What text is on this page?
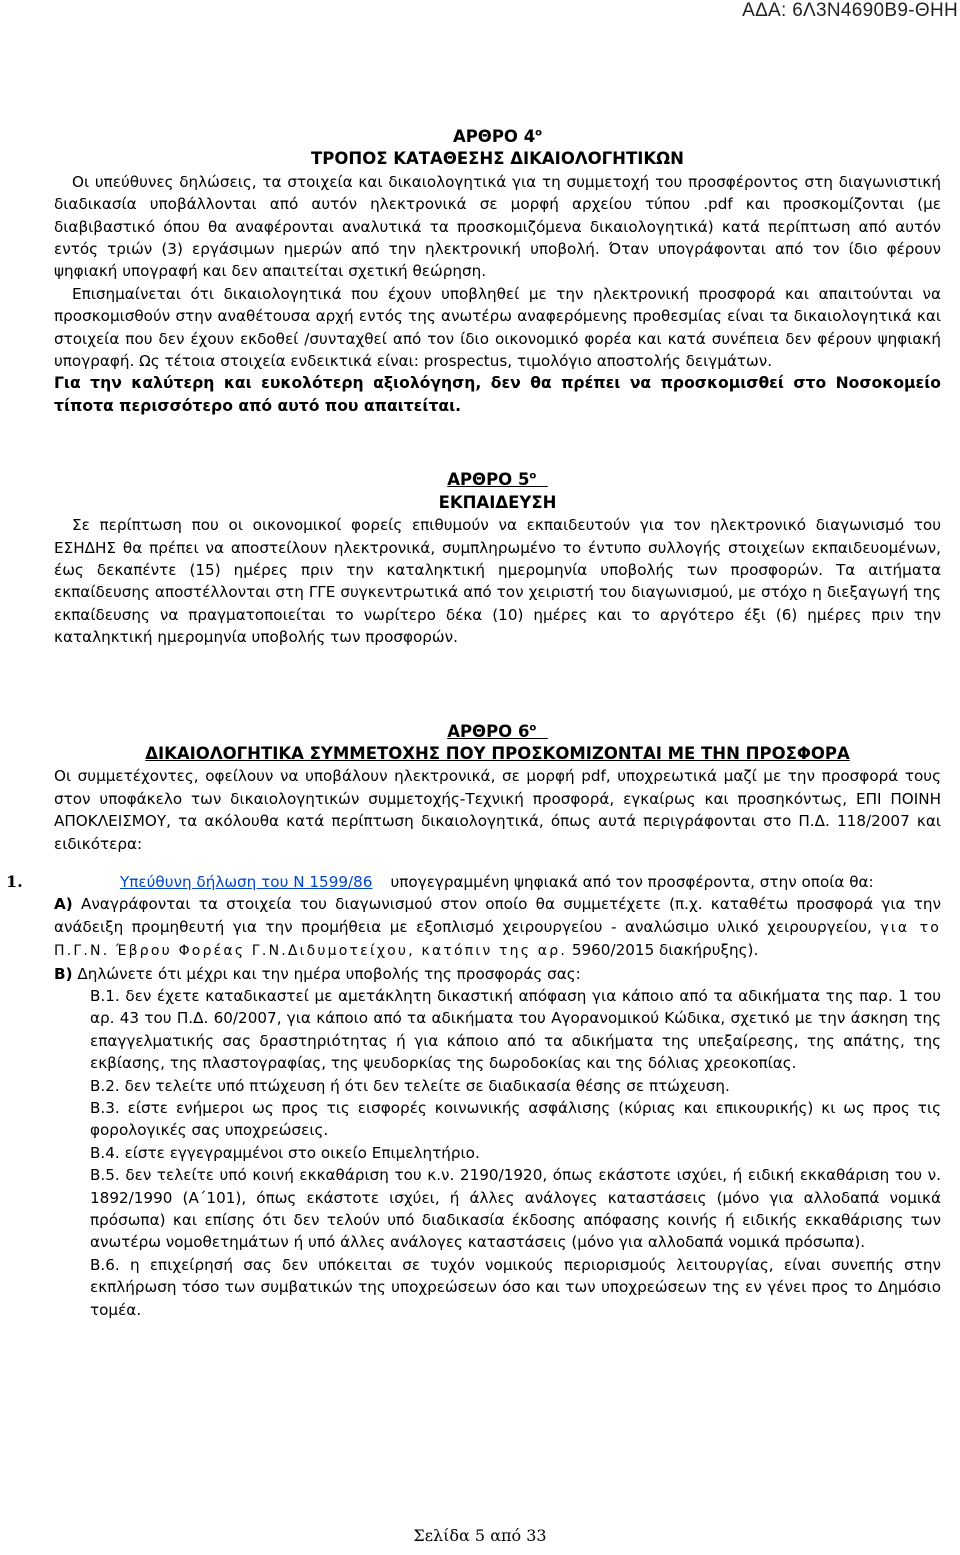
ΑΔΑ: 6Λ3Ν4690Β9-ΘΗΗ
ΑΡΘΡΟ $4^o$
ΤΡΟΠΟΣ ΚΑΤΑΘΕΣΗΣ ΔΙΚΑΙΟΛΟΓΗΤΙΚΩΝ

Οι υπεύθυνες δηλώσεις, τα στοιχεία και δικαιολογητικά για τη συμμετοχή του προσφέροντος στη διαγωνιστική διαδικασία υποβάλλονται από αυτόν ηλεκτρονικά σε μορφή αρχείου τύπου .pdf και προσκομίζονται (με διαβιβαστικό όπου θα αναφέρονται αναλυτικά τα προσκομιζόμενα δικαιολογητικά) κατά περίπτωση από αυτόν εντός τριών (3) εργάσιμων ημερών από την ηλεκτρονική υποβολή. Όταν υπογράφονται από τον ίδιο φέρουν ψηφιακή υπογραφή και δεν απαιτείται σχετική θεώρηση.

Επισημαίνεται ότι δικαιολογητικά που έχουν υποβληθεί με την ηλεκτρονική προσφορά και απαιτούνται να προσκομισθούν στην αναθέτουσα αρχή εντός της ανωτέρω αναφερόμενης προθεσμίας είναι τα δικαιολογητικά και στοιχεία που δεν έχουν εκδοθεί /συνταχθεί από τον ίδιο οικονομικό φορέα και κατά συνέπεια δεν φέρουν ψηφιακή υπογραφή. Ως τέτοια στοιχεία ενδεικτικά είναι: prospectus, τιμολόγιο αποστολής δειγμάτων.

Για την καλύτερη και ευκολότερη αξιολόγηση, δεν θα πρέπει να προσκομισθεί στο Νοσοκομείο τίποτα περισσότερο από αυτό που απαιτείται.

ΑΡΘΡΟ $5^o$
ΕΚΠΑΙΔΕΥΣΗ

Σε περίπτωση που οι οικονομικοί φορείς επιθυμούν να εκπαιδευτούν για τον ηλεκτρονικό διαγωνισμό του ΕΣΗΔΗΣ θα πρέπει να αποστείλουν ηλεκτρονικά, συμπληρωμένο το έντυπο συλλογής στοιχείων εκπαιδευομένων, έως δεκαπέντε (15) ημέρες πριν την καταληκτική ημερομηνία υποβολής των προσφορών. Τα αιτήματα εκπαίδευσης αποστέλλονται στη ΓΓΕ συγκεντρωτικά από τον χειριστή του διαγωνισμού, με στόχο η διεξαγωγή της εκπαίδευσης να πραγματοποιείται το νωρίτερο δέκα (10) ημέρες και το αργότερο έξι (6) ημέρες πριν την καταληκτική ημερομηνία υποβολής των προσφορών.

ΑΡΘΡΟ $6^o$
ΔΙΚΑΙΟΛΟΓΗΤΙΚΑ ΣΥΜΜΕΤΟΧΗΣ ΠΟΥ ΠΡΟΣΚΟΜΙΖΟΝΤΑΙ ΜΕ ΤΗΝ ΠΡΟΣΦΟΡΑ

Οι συμμετέχοντες, οφείλουν να υποβάλουν ηλεκτρονικά, σε μορφή pdf, υποχρεωτικά μαζί με την προσφορά τους στον υποφάκελο των δικαιολογητικών συμμετοχής-Τεχνική προσφορά, εγκαίρως και προσηκόντως, ΕΠΙ ΠΟΙΝΗ ΑΠΟΚΛΕΙΣΜΟΥ, τα ακόλουθα κατά περίπτωση δικαιολογητικά, όπως αυτά περιγράφονται στο Π.Δ. 118/2007 και ειδικότερα:

1.	Υπεύθυνη δήλωση του Ν 1599/86 υπογεγραμμένη ψηφιακά από τον προσφέροντα, στην οποία θα:

Α) Αναγράφονται τα στοιχεία του διαγωνισμού στον οποίο θα συμμετέχετε (π.χ. καταθέτω προσφορά για την ανάδειξη προμηθευτή για την προμήθεια με εξοπλισμό χειρουργείου - αναλώσιμο υλικό χειρουργείου, για το Π.Γ.Ν. Έβρου Φορέας Γ.Ν.Διδυμοτείχου, κατόπιν της αρ. 5960/2015 διακήρυξης).

Β) Δηλώνετε ότι μέχρι και την ημέρα υποβολής της προσφοράς σας:

Β.1. δεν έχετε καταδικαστεί με αμετάκλητη δικαστική απόφαση για κάποιο από τα αδικήματα της παρ. 1 του αρ. 43 του Π.Δ. 60/2007, για κάποιο από τα αδικήματα του Αγορανομικού Κώδικα, σχετικό με την άσκηση της επαγγελματικής σας δραστηριότητας ή για κάποιο από τα αδικήματα της υπεξαίρεσης, της απάτης, της εκβίασης, της πλαστογραφίας, της ψευδορκίας της δωροδοκίας και της δόλιας χρεοκοπίας.

Β.2. δεν τελείτε υπό πτώχευση ή ότι δεν τελείτε σε διαδικασία θέσης σε πτώχευση.

Β.3. είστε ενήμεροι ως προς τις εισφορές κοινωνικής ασφάλισης (κύριας και επικουρικής) κι ως προς τις φορολογικές σας υποχρεώσεις.

Β.4. είστε εγγεγραμμένοι στο οικείο Επιμελητήριο.

Β.5. δεν τελείτε υπό κοινή εκκαθάριση του κ.ν. 2190/1920, όπως εκάστοτε ισχύει, ή ειδική εκκαθάριση του ν. 1892/1990 (Α΄101), όπως εκάστοτε ισχύει, ή άλλες ανάλογες καταστάσεις (μόνο για αλλοδαπά νομικά πρόσωπα) και επίσης ότι δεν τελούν υπό διαδικασία έκδοσης απόφασης κοινής ή ειδικής εκκαθάρισης των ανωτέρω νομοθετημάτων ή υπό άλλες ανάλογες καταστάσεις (μόνο για αλλοδαπά νομικά πρόσωπα).

Β.6. η επιχείρησή σας δεν υπόκειται σε τυχόν νομικούς περιορισμούς λειτουργίας, είναι συνεπής στην εκπλήρωση τόσο των συμβατικών της υποχρεώσεων όσο και των υποχρεώσεων της εν γένει προς το Δημόσιο τομέα.

Σελίδα 5 από 33
